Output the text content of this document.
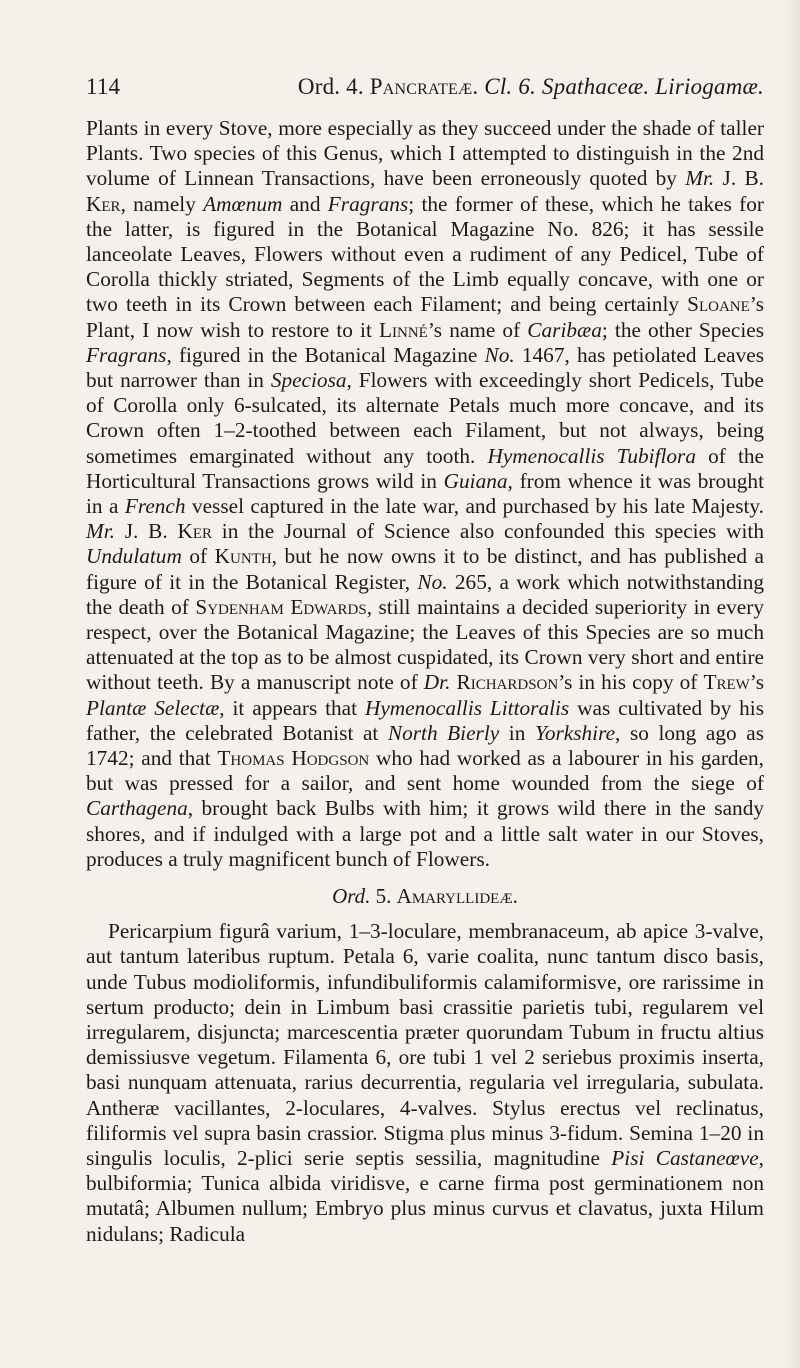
114	Ord. 4. Pancrateæ. Cl. 6. Spathaceæ. Liriogamæ.

Plants in every Stove, more especially as they succeed under the shade of taller Plants. Two species of this Genus, which I attempted to distinguish in the 2nd volume of Linnean Transactions, have been erroneously quoted by Mr. J. B. Ker, namely Amœnum and Fragrans; the former of these, which he takes for the latter, is figured in the Botanical Magazine No. 826; it has sessile lanceolate Leaves, Flowers without even a rudiment of any Pedicel, Tube of Corolla thickly striated, Segments of the Limb equally concave, with one or two teeth in its Crown between each Filament; and being certainly Sloane’s Plant, I now wish to restore to it Linné’s name of Caribæa; the other Species Fragrans, figured in the Botanical Magazine No. 1467, has petiolated Leaves but narrower than in Speciosa, Flowers with exceedingly short Pedicels, Tube of Corolla only 6-sulcated, its alternate Petals much more concave, and its Crown often 1–2-toothed between each Filament, but not always, being sometimes emarginated without any tooth. Hymenocallis Tubiflora of the Horticultural Transactions grows wild in Guiana, from whence it was brought in a French vessel captured in the late war, and purchased by his late Majesty. Mr. J. B. Ker in the Journal of Science also confounded this species with Undulatum of Kunth, but he now owns it to be distinct, and has published a figure of it in the Botanical Register, No. 265, a work which notwithstanding the death of Sydenham Edwards, still maintains a decided superiority in every respect, over the Botanical Magazine; the Leaves of this Species are so much attenuated at the top as to be almost cuspidated, its Crown very short and entire without teeth. By a manuscript note of Dr. Richardson’s in his copy of Trew’s Plantæ Selectæ, it appears that Hymenocallis Littoralis was cultivated by his father, the celebrated Botanist at North Bierly in Yorkshire, so long ago as 1742; and that Thomas Hodgson who had worked as a labourer in his garden, but was pressed for a sailor, and sent home wounded from the siege of Carthagena, brought back Bulbs with him; it grows wild there in the sandy shores, and if indulged with a large pot and a little salt water in our Stoves, produces a truly magnificent bunch of Flowers.

Ord. 5. Amaryllideæ.

Pericarpium figurâ varium, 1–3-loculare, membranaceum, ab apice 3-valve, aut tantum lateribus ruptum. Petala 6, varie coalita, nunc tantum disco basis, unde Tubus modioliformis, infundibuliformis calamiformisve, ore rarissime in sertum producto; dein in Limbum basi crassitie parietis tubi, regularem vel irregularem, disjuncta; marcescentia præter quorundam Tubum in fructu altius demissiusve vegetum. Filamenta 6, ore tubi 1 vel 2 seriebus proximis inserta, basi nunquam attenuata, rarius decurrentia, regularia vel irregularia, subulata. Antheræ vacillantes, 2-loculares, 4-valves. Stylus erectus vel reclinatus, filiformis vel supra basin crassior. Stigma plus minus 3-fidum. Semina 1–20 in singulis loculis, 2-plici serie septis sessilia, magnitudine Pisi Castaneœve, bulbiformia; Tunica albida viridisve, e carne firma post germinationem non mutatâ; Albumen nullum; Embryo plus minus curvus et clavatus, juxta Hilum nidulans; Radicula
